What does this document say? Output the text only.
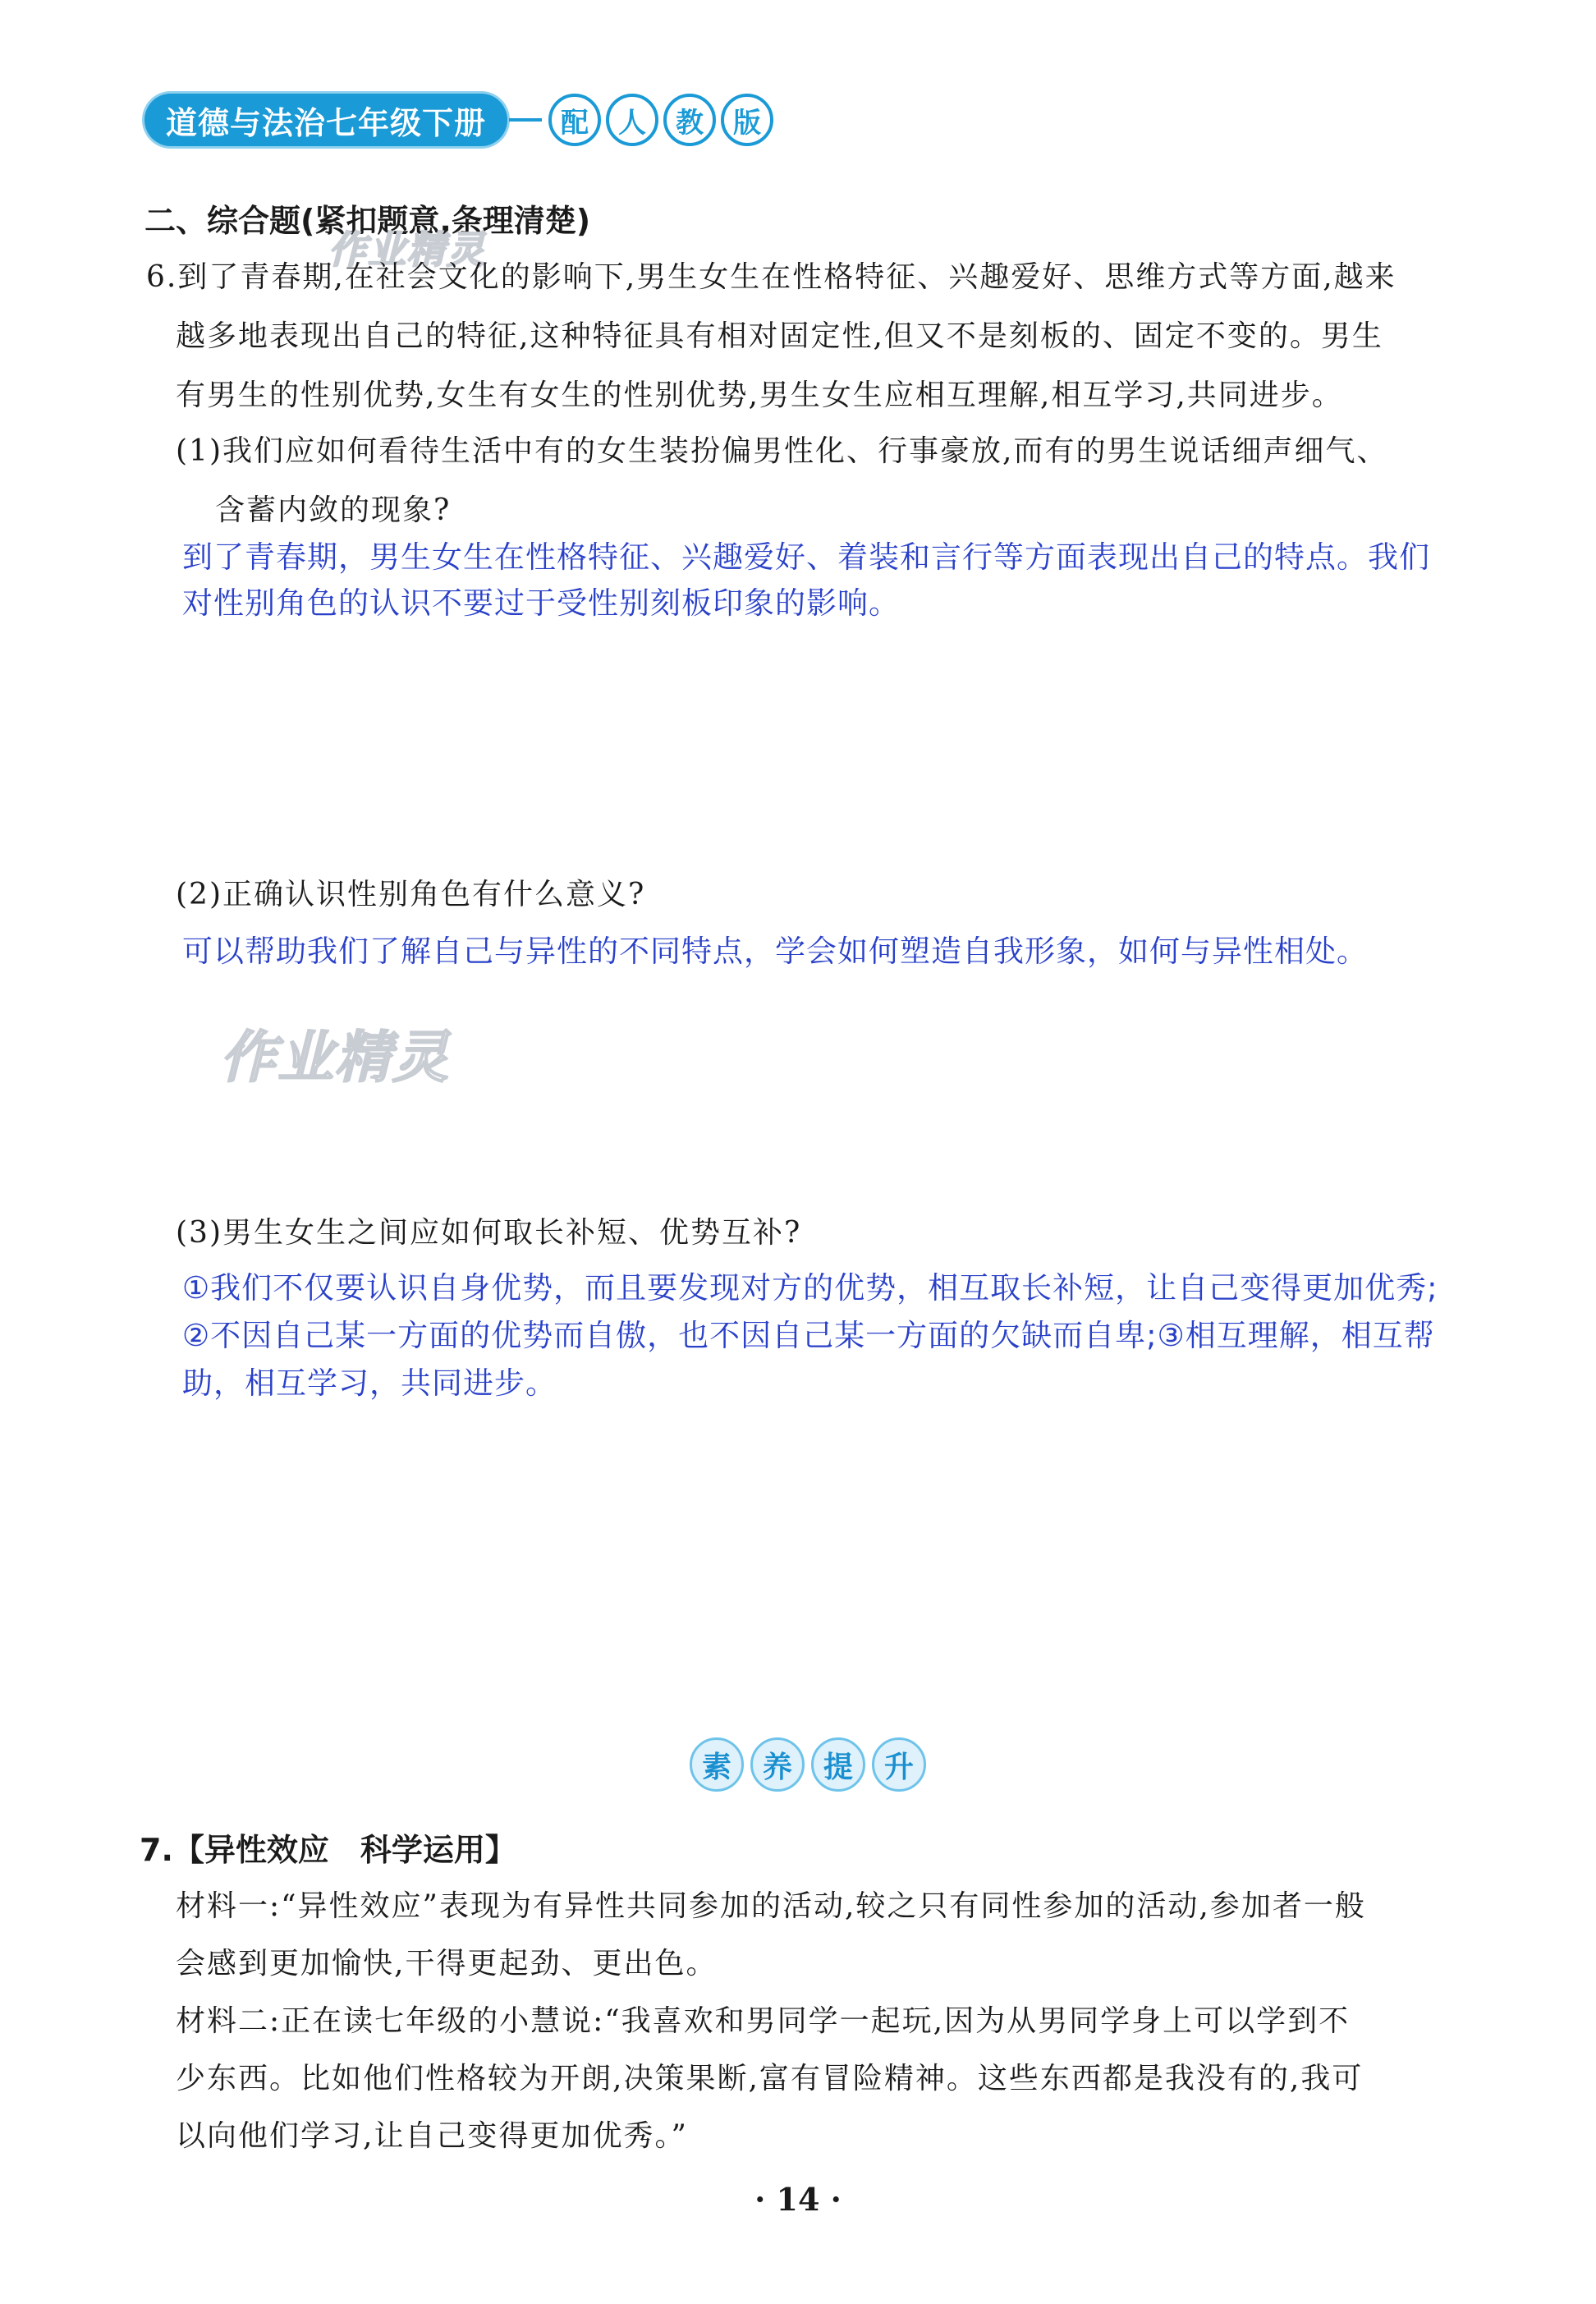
道德与法治七年级下册	配	人	教	版
二、综合题(紧扣题意,条理清楚)
作业精灵
6.到了青春期,在社会文化的影响下,男生女生在性格特征、兴趣爱好、思维方式等方面,越来
越多地表现出自己的特征,这种特征具有相对固定性,但又不是刻板的、固定不变的。男生
有男生的性别优势,女生有女生的性别优势,男生女生应相互理解,相互学习,共同进步。
(1)我们应如何看待生活中有的女生装扮偏男性化、行事豪放,而有的男生说话细声细气、
含蓄内敛的现象?
到了青春期，男生女生在性格特征、兴趣爱好、着装和言行等方面表现出自己的特点。我们
对性别角色的认识不要过于受性别刻板印象的影响。
(2)正确认识性别角色有什么意义?
可以帮助我们了解自己与异性的不同特点，学会如何塑造自我形象，如何与异性相处。
作业精灵
(3)男生女生之间应如何取长补短、优势互补?
①我们不仅要认识自身优势，而且要发现对方的优势，相互取长补短，让自己变得更加优秀;
②不因自己某一方面的优势而自傲，也不因自己某一方面的欠缺而自卑;③相互理解，相互帮
助，相互学习，共同进步。
素	养	提	升
7.【异性效应　科学运用】
材料一:“异性效应”表现为有异性共同参加的活动,较之只有同性参加的活动,参加者一般
会感到更加愉快,干得更起劲、更出色。
材料二:正在读七年级的小慧说:“我喜欢和男同学一起玩,因为从男同学身上可以学到不
少东西。比如他们性格较为开朗,决策果断,富有冒险精神。这些东西都是我没有的,我可
以向他们学习,让自己变得更加优秀。”
· 14 ·
